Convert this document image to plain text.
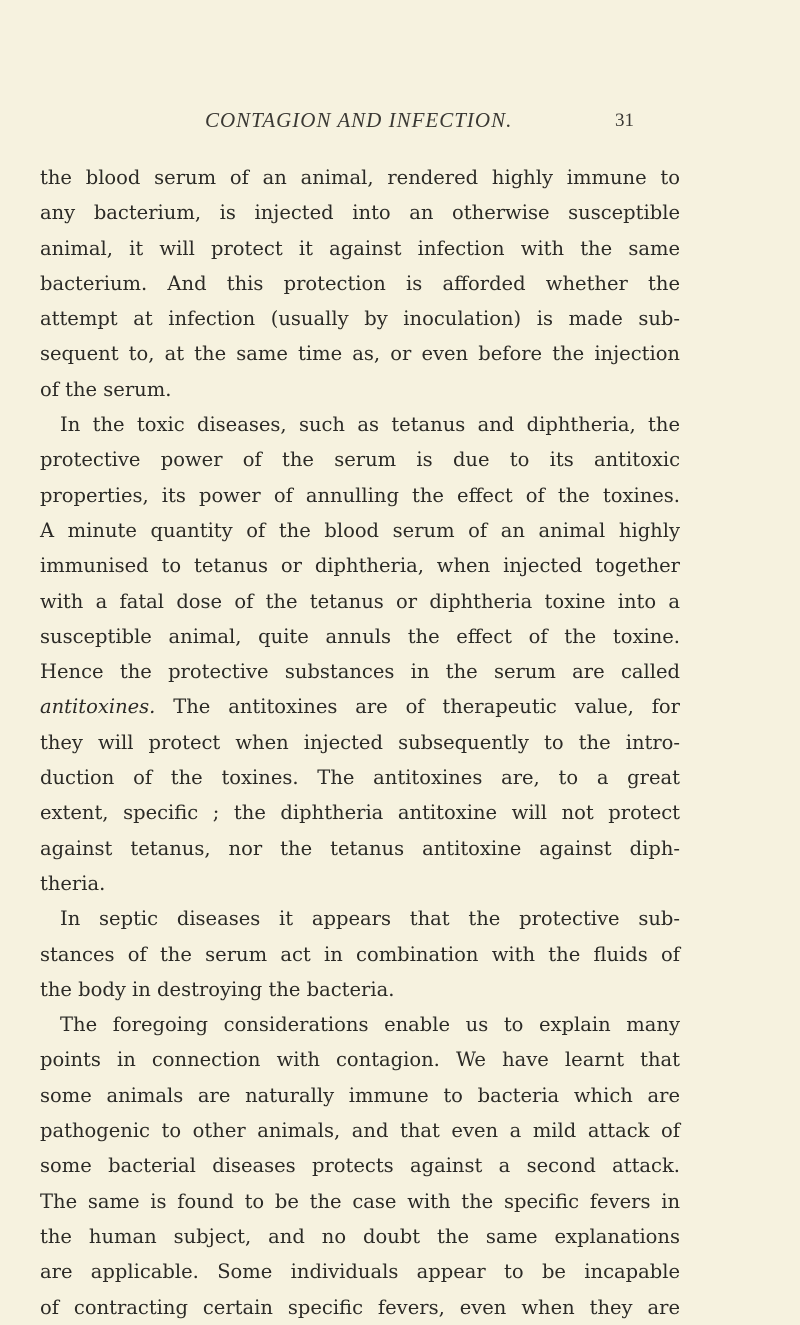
CONTAGION AND INFECTION.	31
the blood serum of an animal, rendered highly immune to
any bacterium, is injected into an otherwise susceptible
animal, it will protect it against infection with the same
bacterium. And this protection is afforded whether the
attempt at infection (usually by inoculation) is made sub-
sequent to, at the same time as, or even before the injection
of the serum.
In the toxic diseases, such as tetanus and diphtheria, the
protective power of the serum is due to its antitoxic
properties, its power of annulling the effect of the toxines.
A minute quantity of the blood serum of an animal highly
immunised to tetanus or diphtheria, when injected together
with a fatal dose of the tetanus or diphtheria toxine into a
susceptible animal, quite annuls the effect of the toxine.
Hence the protective substances in the serum are called
antitoxines. The antitoxines are of therapeutic value, for
they will protect when injected subsequently to the intro-
duction of the toxines. The antitoxines are, to a great
extent, specific ; the diphtheria antitoxine will not protect
against tetanus, nor the tetanus antitoxine against diph-
theria.
In septic diseases it appears that the protective sub-
stances of the serum act in combination with the fluids of
the body in destroying the bacteria.
The foregoing considerations enable us to explain many
points in connection with contagion. We have learnt that
some animals are naturally immune to bacteria which are
pathogenic to other animals, and that even a mild attack of
some bacterial diseases protects against a second attack.
The same is found to be the case with the specific fevers in
the human subject, and no doubt the same explanations
are applicable. Some individuals appear to be incapable
of contracting certain specific fevers, even when they are
